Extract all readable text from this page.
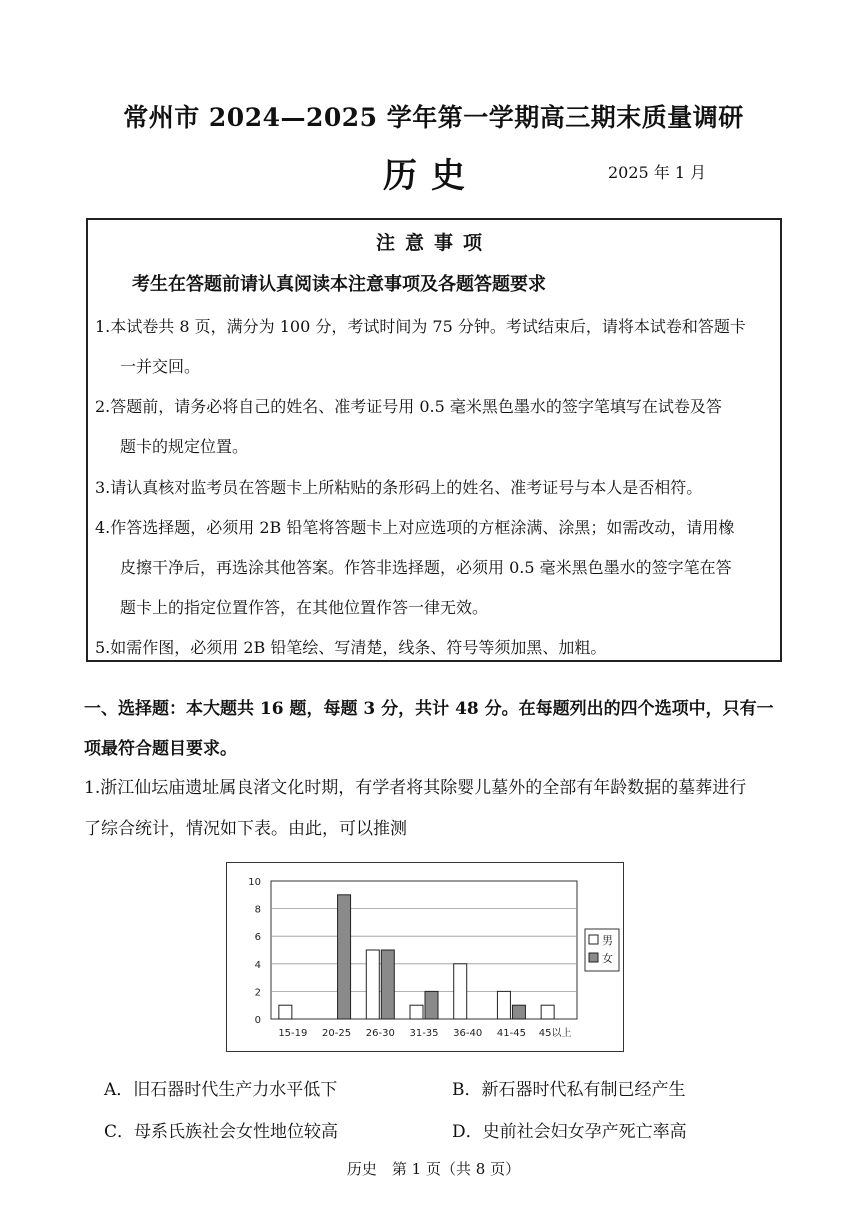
常州市 2024—2025 学年第一学期高三期末质量调研
历史	2025 年 1 月
注意事项
考生在答题前请认真阅读本注意事项及各题答题要求
1.本试卷共 8 页，满分为 100 分，考试时间为 75 分钟。考试结束后，请将本试卷和答题卡
一并交回。
2.答题前，请务必将自己的姓名、准考证号用 0.5 毫米黑色墨水的签字笔填写在试卷及答
题卡的规定位置。
3.请认真核对监考员在答题卡上所粘贴的条形码上的姓名、准考证号与本人是否相符。
4.作答选择题，必须用 2B 铅笔将答题卡上对应选项的方框涂满、涂黑；如需改动，请用橡
皮擦干净后，再选涂其他答案。作答非选择题，必须用 0.5 毫米黑色墨水的签字笔在答
题卡上的指定位置作答，在其他位置作答一律无效。
5.如需作图，必须用 2B 铅笔绘、写清楚，线条、符号等须加黑、加粗。
一、选择题：本大题共 16 题，每题 3 分，共计 48 分。在每题列出的四个选项中，只有一
项最符合题目要求。
1.浙江仙坛庙遗址属良渚文化时期，有学者将其除婴儿墓外的全部有年龄数据的墓葬进行
了综合统计，情况如下表。由此，可以推测
0
2
4
6
8
10
15-19 20-25 26-30 31-35 36-40 41-45 45以上
男
女
A．旧石器时代生产力水平低下	B．新石器时代私有制已经产生
C．母系氏族社会女性地位较高	D．史前社会妇女孕产死亡率高
历史　第 1 页（共 8 页）
